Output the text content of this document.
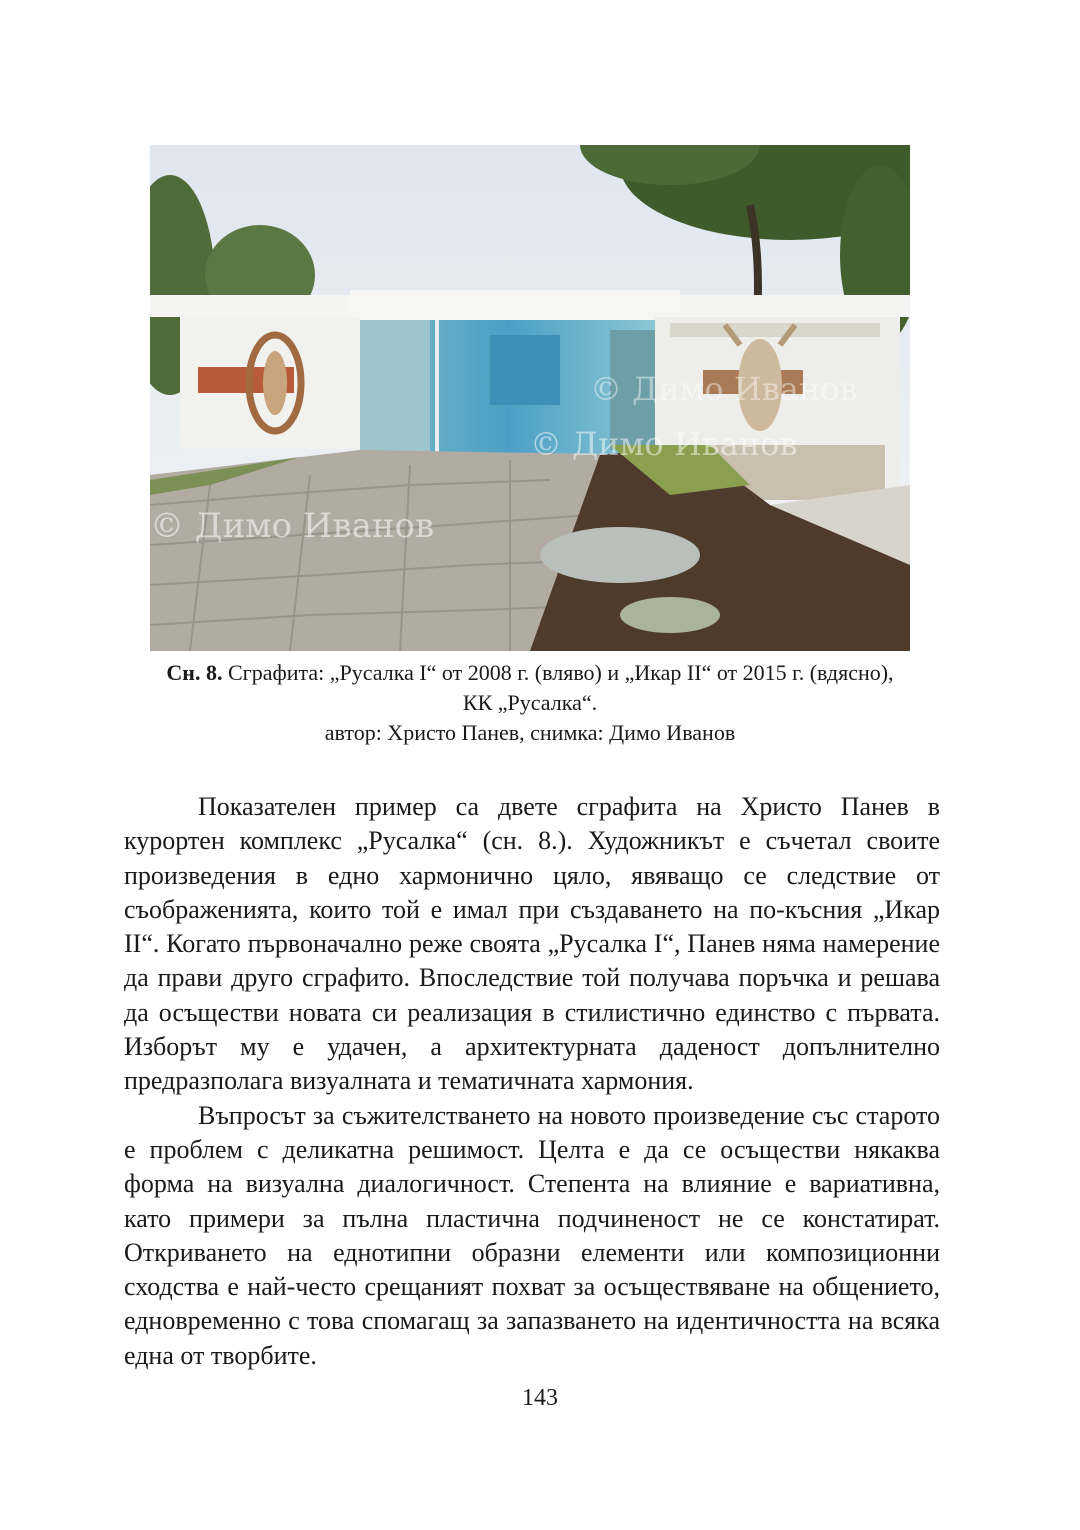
© Димо Иванов
© Димо Иванов
© Димо Иванов

Сн. 8. Сграфита: „Русалка I“ от 2008 г. (вляво) и „Икар II“ от 2015 г. (вдясно),

КК „Русалка“.

автор: Христо Панев, снимка: Димо Иванов

Показателен пример са двете сграфита на Христо Панев в курортен комплекс „Русалка“ (сн. 8.). Художникът е съчетал своите произведения в едно хармонично цяло, явяващо се следствие от съображенията, които той е имал при създаването на по-късния „Икар II“. Когато първоначално реже своята „Русалка I“, Панев няма намерение да прави друго сграфито. Впоследствие той получава поръчка и решава да осъществи новата си реализация в стилистично единство с първата. Изборът му е удачен, а архитектурната даденост допълнително предразполага визуалната и тематичната хармония.

Въпросът за съжителстването на новото произведение със старото е проблем с деликатна решимост. Целта е да се осъществи някаква форма на визуална диалогичност. Степента на влияние е вариативна, като примери за пълна пластична подчиненост не се констатират. Откриването на еднотипни образни елементи или композиционни сходства е най-често срещаният похват за осъществяване на общението, едновременно с това спомагащ за запазването на идентичността на всяка една от творбите.

143
